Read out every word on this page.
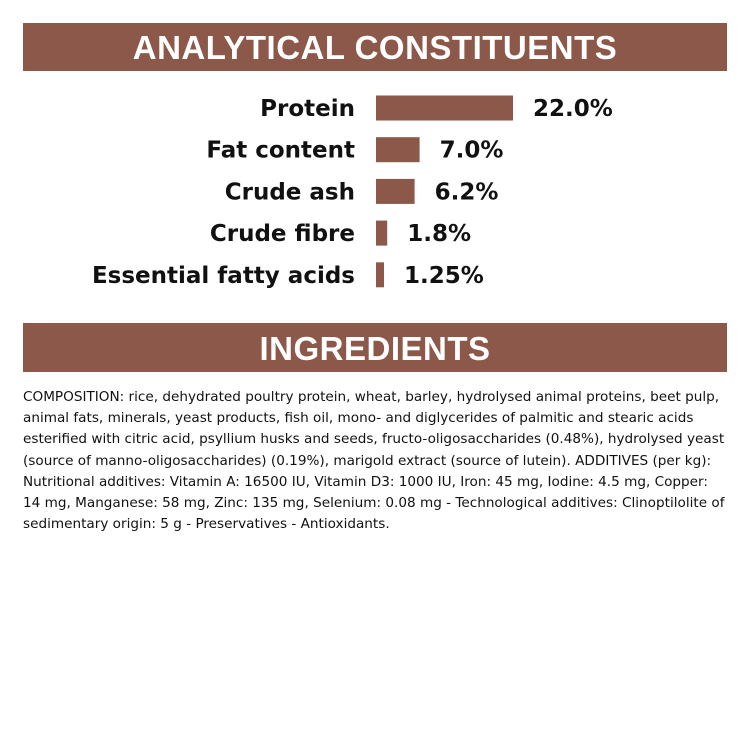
ANALYTICAL CONSTITUENTS
Protein	22.0%
Fat content	7.0%
Crude ash	6.2%
Crude fibre 1.8%
Essential fatty acids 1.25%
INGREDIENTS

COMPOSITION: rice, dehydrated poultry protein, wheat, barley, hydrolysed animal proteins, beet pulp, animal fats, minerals, yeast products, fish oil, mono- and diglycerides of palmitic and stearic acids esterified with citric acid, psyllium husks and seeds, fructo-oligosaccharides (0.48%), hydrolysed yeast (source of manno-oligosaccharides) (0.19%), marigold extract (source of lutein). ADDITIVES (per kg): Nutritional additives: Vitamin A: 16500 IU, Vitamin D3: 1000 IU, Iron: 45 mg, Iodine: 4.5 mg, Copper: 14 mg, Manganese: 58 mg, Zinc: 135 mg, Selenium: 0.08 mg - Technological additives: Clinoptilolite of sedimentary origin: 5 g - Preservatives - Antioxidants.
